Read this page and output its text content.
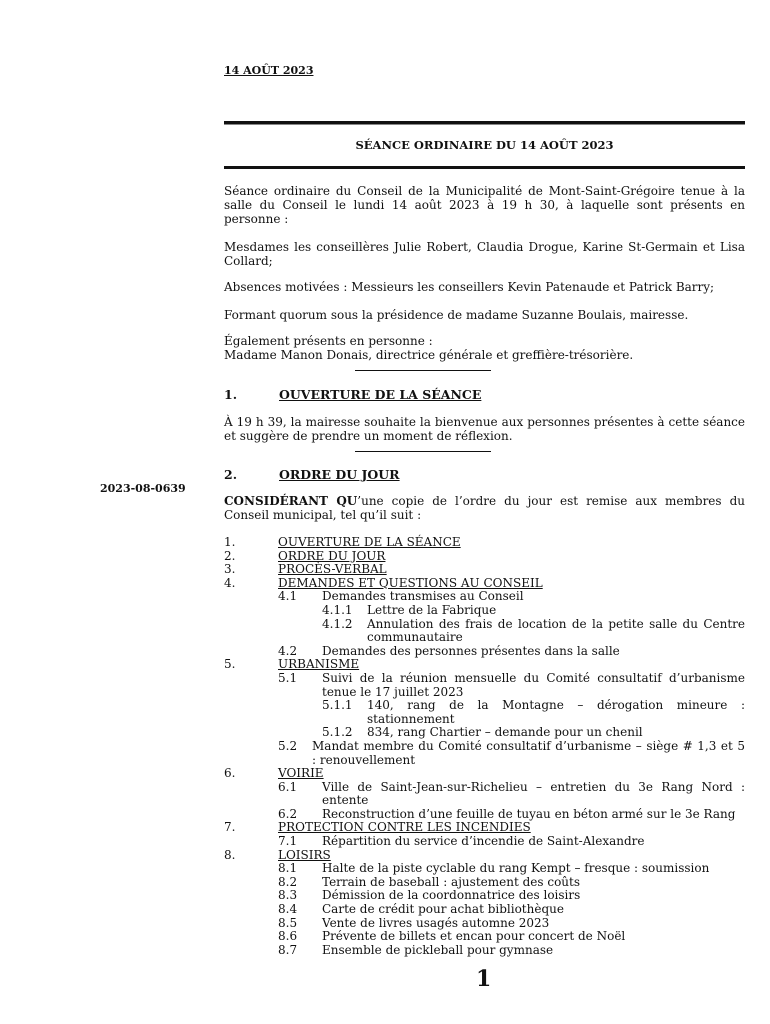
14 AOÛT 2023
SÉANCE ORDINAIRE DU 14 AOÛT 2023
Séance ordinaire du Conseil de la Municipalité de Mont-Saint-Grégoire tenue à la salle du Conseil le lundi 14 août 2023 à 19 h 30, à laquelle sont présents en personne :
Mesdames les conseillères Julie Robert, Claudia Drogue, Karine St-Germain et Lisa Collard;
Absences motivées : Messieurs les conseillers Kevin Patenaude et Patrick Barry;
Formant quorum sous la présidence de madame Suzanne Boulais, mairesse.
Également présents en personne :
Madame Manon Donais, directrice générale et greffière-trésorière.
1.	OUVERTURE DE LA SÉANCE
À 19 h 39, la mairesse souhaite la bienvenue aux personnes présentes à cette séance et suggère de prendre un moment de réflexion.
2.	ORDRE DU JOUR
2023-08-0639
CONSIDÉRANT QU’une copie de l’ordre du jour est remise aux membres du Conseil municipal, tel qu’il suit :
1.	OUVERTURE DE LA SÉANCE
2.	ORDRE DU JOUR
3.	PROCÈS-VERBAL
4.	DEMANDES ET QUESTIONS AU CONSEIL
4.1 Demandes transmises au Conseil
4.1.1 Lettre de la Fabrique
4.1.2 Annulation des frais de location de la petite salle du Centre communautaire
4.2 Demandes des personnes présentes dans la salle
5.	URBANISME
5.1 Suivi de la réunion mensuelle du Comité consultatif d’urbanisme tenue le 17 juillet 2023
5.1.1 140, rang de la Montagne – dérogation mineure : stationnement
5.1.2 834, rang Chartier – demande pour un chenil
5.2 Mandat membre du Comité consultatif d’urbanisme – siège # 1,3 et 5 : renouvellement
6.	VOIRIE
6.1 Ville de Saint-Jean-sur-Richelieu – entretien du 3e Rang Nord : entente
6.2 Reconstruction d’une feuille de tuyau en béton armé sur le 3e Rang
7.	PROTECTION CONTRE LES INCENDIES
7.1 Répartition du service d’incendie de Saint-Alexandre
8.	LOISIRS
8.1 Halte de la piste cyclable du rang Kempt – fresque : soumission
8.2 Terrain de baseball : ajustement des coûts
8.3 Démission de la coordonnatrice des loisirs
8.4 Carte de crédit pour achat bibliothèque
8.5 Vente de livres usagés automne 2023
8.6 Prévente de billets et encan pour concert de Noël
8.7 Ensemble de pickleball pour gymnase
1
